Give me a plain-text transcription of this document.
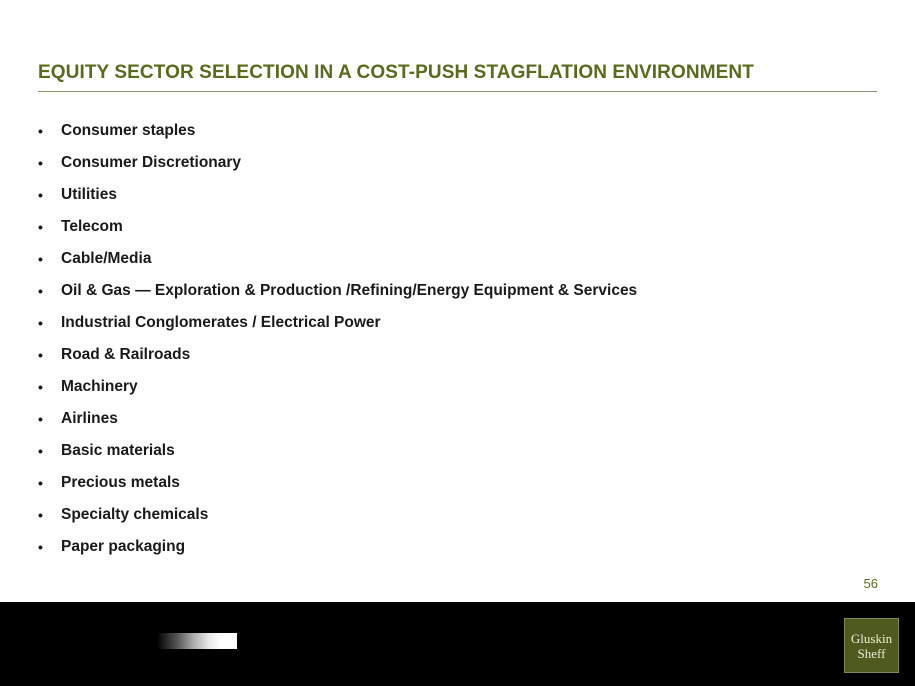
EQUITY SECTOR SELECTION IN A COST-PUSH STAGFLATION ENVIRONMENT
•	Consumer staples
•	Consumer Discretionary
•	Utilities
•	Telecom
•	Cable/Media
•	Oil & Gas — Exploration & Production /Refining/Energy Equipment & Services
•	Industrial Conglomerates / Electrical Power
•	Road & Railroads
•	Machinery
•	Airlines
•	Basic materials
•	Precious metals
•	Specialty chemicals
•	Paper packaging
56
Gluskin
Sheff
